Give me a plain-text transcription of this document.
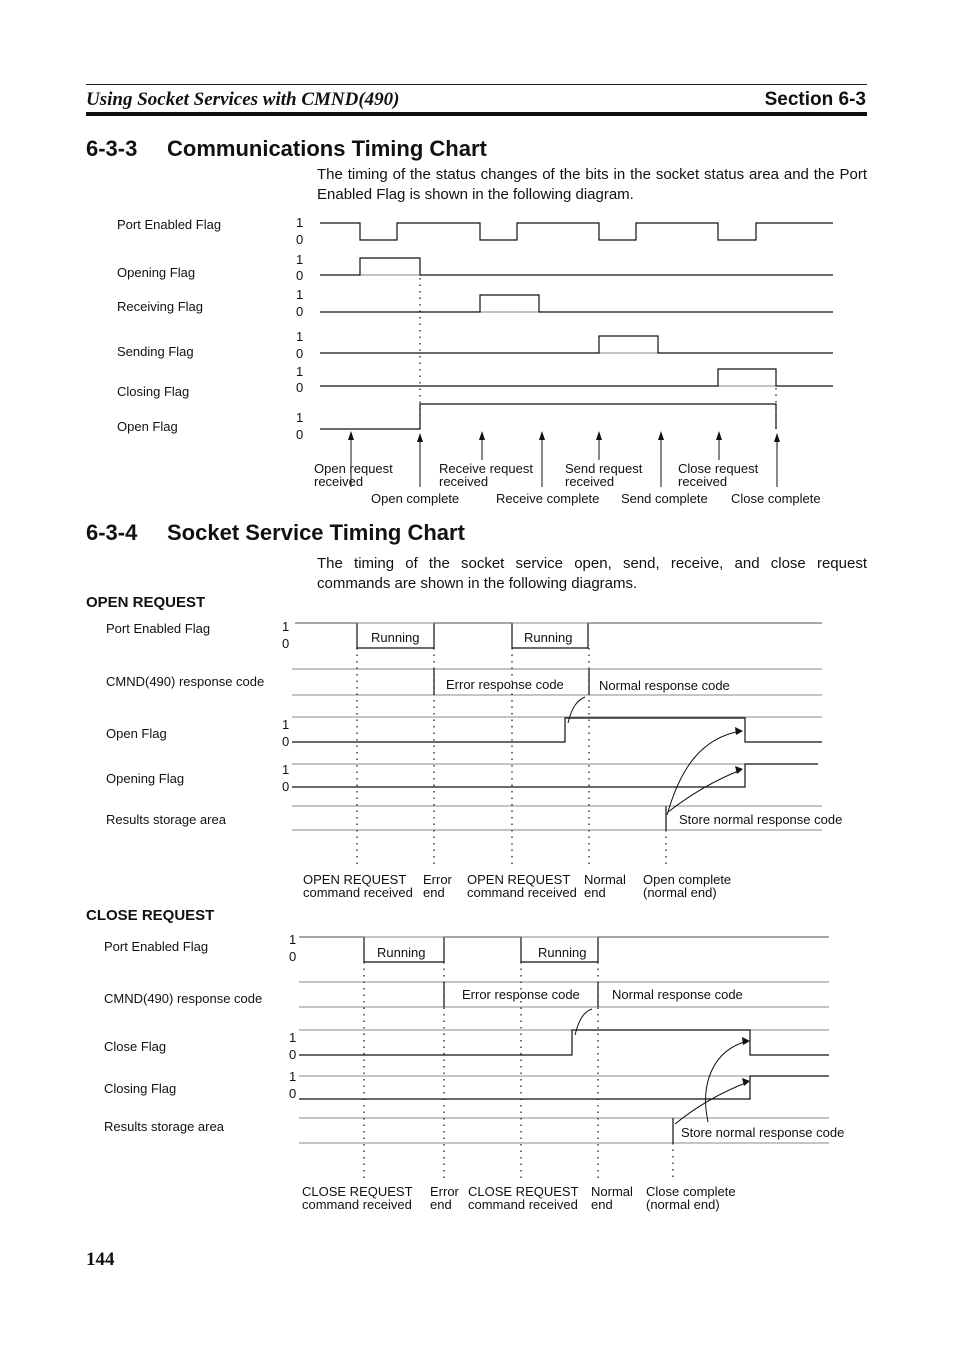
Using Socket Services with CMND(490)	Section 6-3
6-3-3 Communications Timing Chart
The timing of the status changes of the bits in the socket status area and the Port Enabled Flag is shown in the following diagram.
Port Enabled Flag
Opening Flag
Receiving Flag
Sending Flag
Closing Flag
Open Flag
1
0
1
0
1
0
1
0
1
0
1
0
Open request received
Receive request received
Send request received
Close request received
Open complete	Receive complete Send complete Close complete
6-3-4 Socket Service Timing Chart
The timing of the socket service open, send, receive, and close request commands are shown in the following diagrams.
OPEN REQUEST
Port Enabled Flag
CMND(490) response code
Open Flag
Opening Flag
Results storage area
1
0
1
0
1
0
Running	Running
Error response code	Normal response code
Store normal response code
OPEN REQUEST command received
Error end
OPEN REQUEST command received
Normal end
Open complete (normal end)
CLOSE REQUEST
Port Enabled Flag
CMND(490) response code
Close Flag
Closing Flag
Results storage area
1
0
1
0
1
0
Running	Running
Error response code Normal response code
Store normal response code
CLOSE REQUEST command received
Error end
CLOSE REQUEST command received
Normal end
Close complete (normal end)
144
